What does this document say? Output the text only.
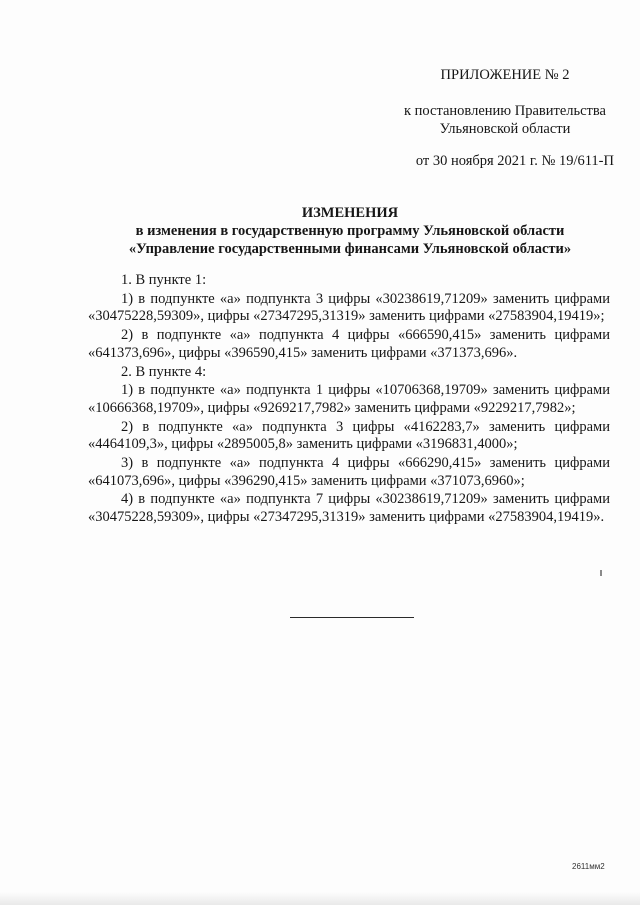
ПРИЛОЖЕНИЕ № 2
к постановлению Правительства
Ульяновской области
от 30 ноября 2021 г. № 19/611-П
ИЗМЕНЕНИЯ
в изменения в государственную программу Ульяновской области
«Управление государственными финансами Ульяновской области»

1. В пункте 1:

1) в подпункте «а» подпункта 3 цифры «30238619,71209» заменить цифрами «30475228,59309», цифры «27347295,31319» заменить цифрами «27583904,19419»;

2) в подпункте «а» подпункта 4 цифры «666590,415» заменить цифрами «641373,696», цифры «396590,415» заменить цифрами «371373,696».

2. В пункте 4:

1) в подпункте «а» подпункта 1 цифры «10706368,19709» заменить цифрами «10666368,19709», цифры «9269217,7982» заменить цифрами «9229217,7982»;

2) в подпункте «а» подпункта 3 цифры «4162283,7» заменить цифрами «4464109,3», цифры «2895005,8» заменить цифрами «3196831,4000»;

3) в подпункте «а» подпункта 4 цифры «666290,415» заменить цифрами «641073,696», цифры «396290,415» заменить цифрами «371073,6960»;

4) в подпункте «а» подпункта 7 цифры «30238619,71209» заменить цифрами «30475228,59309», цифры «27347295,31319» заменить цифрами «27583904,19419».

2611мм2
